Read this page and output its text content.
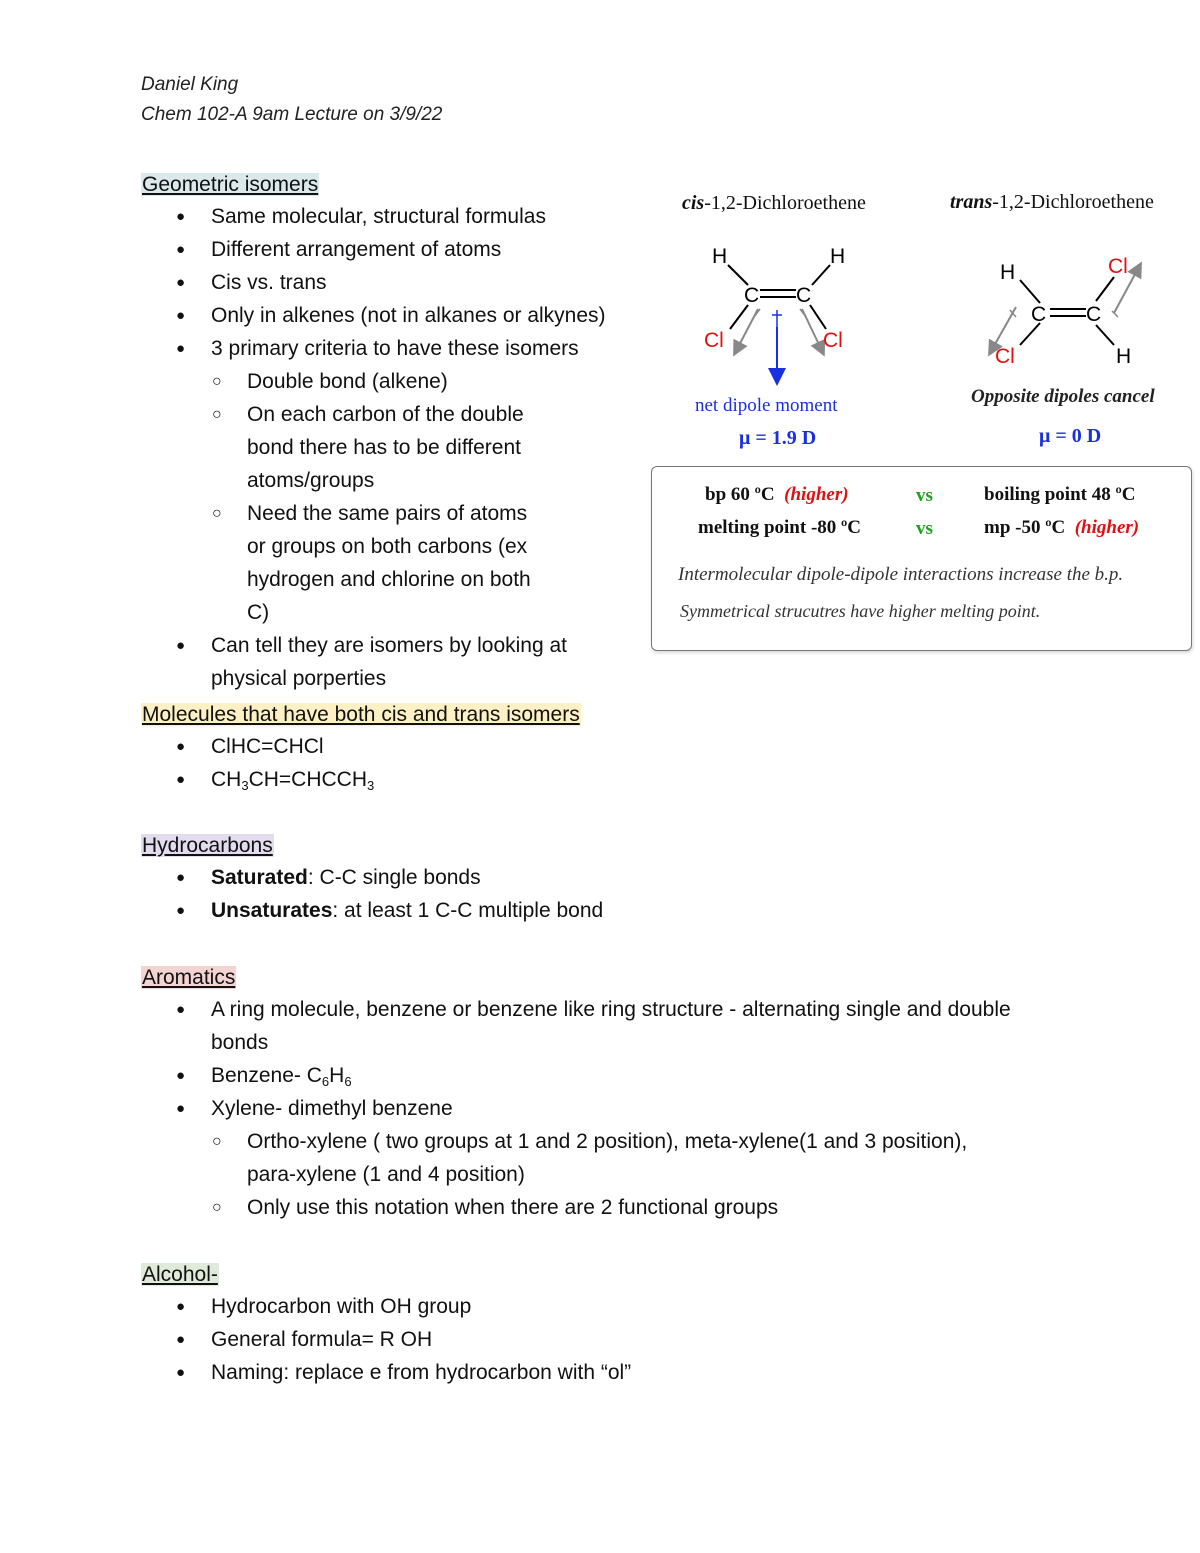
Daniel King
Chem 102-A 9am Lecture on 3/9/22
Geometric isomers
● Same molecular, structural formulas
● Different arrangement of atoms
● Cis vs. trans
● Only in alkenes (not in alkanes or alkynes)
● 3 primary criteria to have these isomers
○ Double bond (alkene)
○ On each carbon of the double bond there has to be different atoms/groups
○ Need the same pairs of atoms or groups on both carbons (ex hydrogen and chlorine on both C)
● Can tell they are isomers by looking at physical porperties
cis-1,2-Dichloroethene	trans-1,2-Dichloroethene
H	H
C C
Cl	Cl
H
C C
Cl
Cl
H
net dipole moment
μ = 1.9 D
Opposite dipoles cancel
μ = 0 D
bp 60 ºC (higher)	vs	boiling point 48 ºC
melting point -80 ºC	vs	mp -50 ºC (higher)
Intermolecular dipole-dipole interactions increase the b.p.
Symmetrical strucutres have higher melting point.
Molecules that have both cis and trans isomers
● ClHC=CHCl
● $CH_3CH=CHCCH_3$
Hydrocarbons
● Saturated: C-C single bonds
● Unsaturates: at least 1 C-C multiple bond
Aromatics
● A ring molecule, benzene or benzene like ring structure - alternating single and double bonds
● Benzene- $C_6H_6$
● Xylene- dimethyl benzene
○ Ortho-xylene ( two groups at 1 and 2 position), meta-xylene(1 and 3 position), para-xylene (1 and 4 position)
○ Only use this notation when there are 2 functional groups
Alcohol-
● Hydrocarbon with OH group
● General formula= R OH
● Naming: replace e from hydrocarbon with “ol”
